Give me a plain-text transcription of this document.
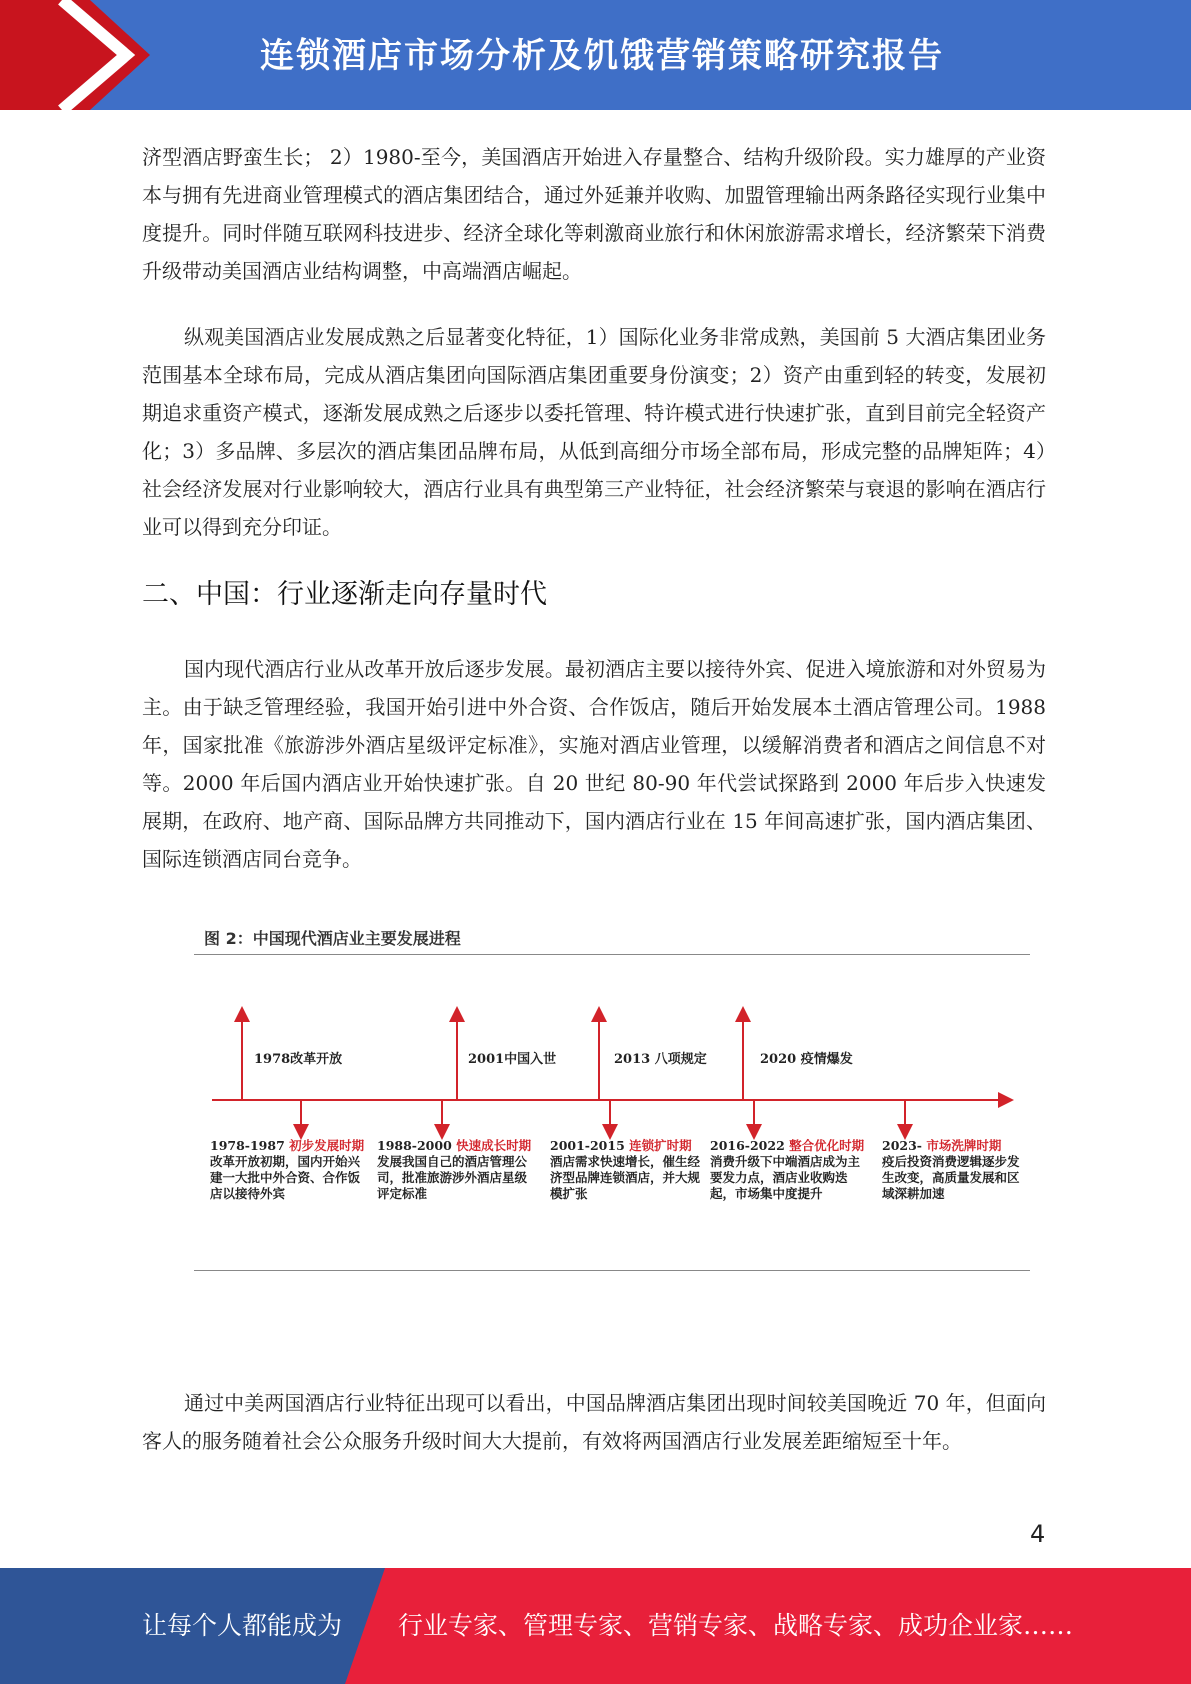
连锁酒店市场分析及饥饿营销策略研究报告

济型酒店野蛮生长； 2）1980-至今，美国酒店开始进入存量整合、结构升级阶段。实力雄厚的产业资本与拥有先进商业管理模式的酒店集团结合，通过外延兼并收购、加盟管理输出两条路径实现行业集中度提升。同时伴随互联网科技进步、经济全球化等刺激商业旅行和休闲旅游需求增长，经济繁荣下消费升级带动美国酒店业结构调整，中高端酒店崛起。

纵观美国酒店业发展成熟之后显著变化特征，1）国际化业务非常成熟，美国前 5 大酒店集团业务范围基本全球布局，完成从酒店集团向国际酒店集团重要身份演变；2）资产由重到轻的转变，发展初期追求重资产模式，逐渐发展成熟之后逐步以委托管理、特许模式进行快速扩张，直到目前完全轻资产化；3）多品牌、多层次的酒店集团品牌布局，从低到高细分市场全部布局，形成完整的品牌矩阵；4）社会经济发展对行业影响较大，酒店行业具有典型第三产业特征，社会经济繁荣与衰退的影响在酒店行业可以得到充分印证。

二、中国：行业逐渐走向存量时代

国内现代酒店行业从改革开放后逐步发展。最初酒店主要以接待外宾、促进入境旅游和对外贸易为主。由于缺乏管理经验，我国开始引进中外合资、合作饭店，随后开始发展本土酒店管理公司。1988 年，国家批准《旅游涉外酒店星级评定标准》，实施对酒店业管理，以缓解消费者和酒店之间信息不对等。2000 年后国内酒店业开始快速扩张。自 20 世纪 80-90 年代尝试探路到 2000 年后步入快速发展期，在政府、地产商、国际品牌方共同推动下，国内酒店行业在 15 年间高速扩张，国内酒店集团、国际连锁酒店同台竞争。

图 2：中国现代酒店业主要发展进程
1978改革开放	2001中国入世	2013 八项规定	2020 疫情爆发
1978-1987 初步发展时期
改革开放初期，国内开始兴建一大批中外合资、合作饭店以接待外宾
1988-2000 快速成长时期
发展我国自己的酒店管理公司，批准旅游涉外酒店星级评定标准
2001-2015 连锁扩时期
酒店需求快速增长，催生经济型品牌连锁酒店，并大规模扩张
2016-2022 整合优化时期
消费升级下中端酒店成为主要发力点，酒店业收购迭起，市场集中度提升
2023- 市场洗牌时期
疫后投资消费逻辑逐步发生改变，高质量发展和区域深耕加速

通过中美两国酒店行业特征出现可以看出，中国品牌酒店集团出现时间较美国晚近 70 年，但面向客人的服务随着社会公众服务升级时间大大提前，有效将两国酒店行业发展差距缩短至十年。

4
让每个人都能成为 行业专家、管理专家、营销专家、战略专家、成功企业家……
